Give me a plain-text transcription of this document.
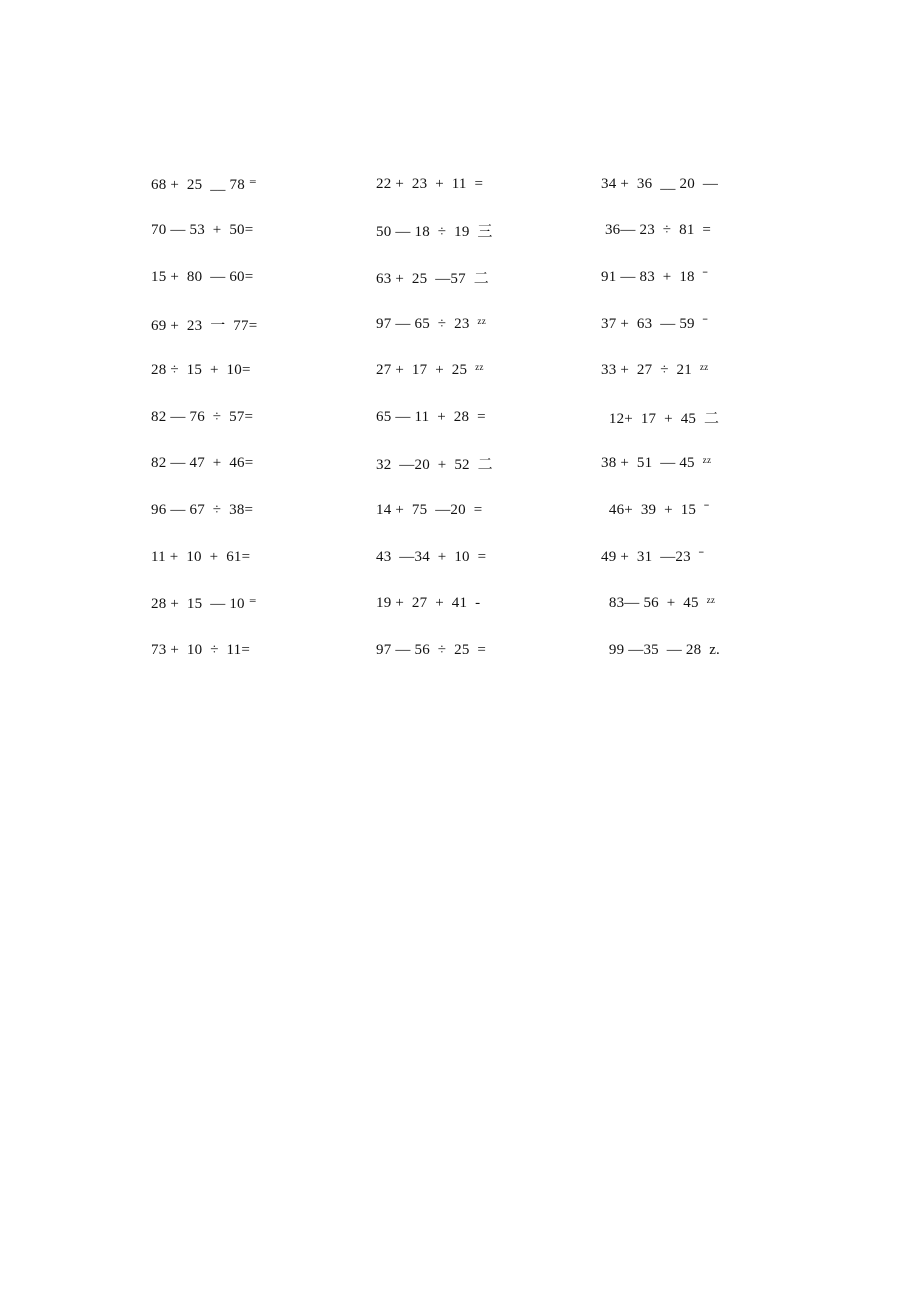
68 +  25  __ 78 ⁼
70 — 53  +  50=
15 +  80  — 60=
69 +  23  一  77=
28 ÷  15  +  10=
82 — 76  ÷  57=
82 — 47  +  46=
96 — 67  ÷  38=
11 +  10  +  61=
28 +  15  — 10 ⁼
73 +  10  ÷  11=
22 +  23  +  11  =
50 — 18  ÷  19  三
63 +  25  —57  二
97 — 65  ÷  23  ᶻᶻ
27 +  17  +  25  ᶻᶻ
65 — 11  +  28  =
32  —20  +  52  二
14 +  75  —20  =
43  —34  +  10  =
19 +  27  +  41  -
97 — 56  ÷  25  =
34 +  36  __ 20  —
36— 23  ÷  81  =
91 — 83  +  18  ˉ
37 +  63  — 59  ˉ
33 +  27  ÷  21  ᶻᶻ
12+  17  +  45  二
38 +  51  — 45  ᶻᶻ
46+  39  +  15  ˉ
49 +  31  —23  ˉ
83— 56  +  45  ᶻᶻ
99 —35  — 28  z.
